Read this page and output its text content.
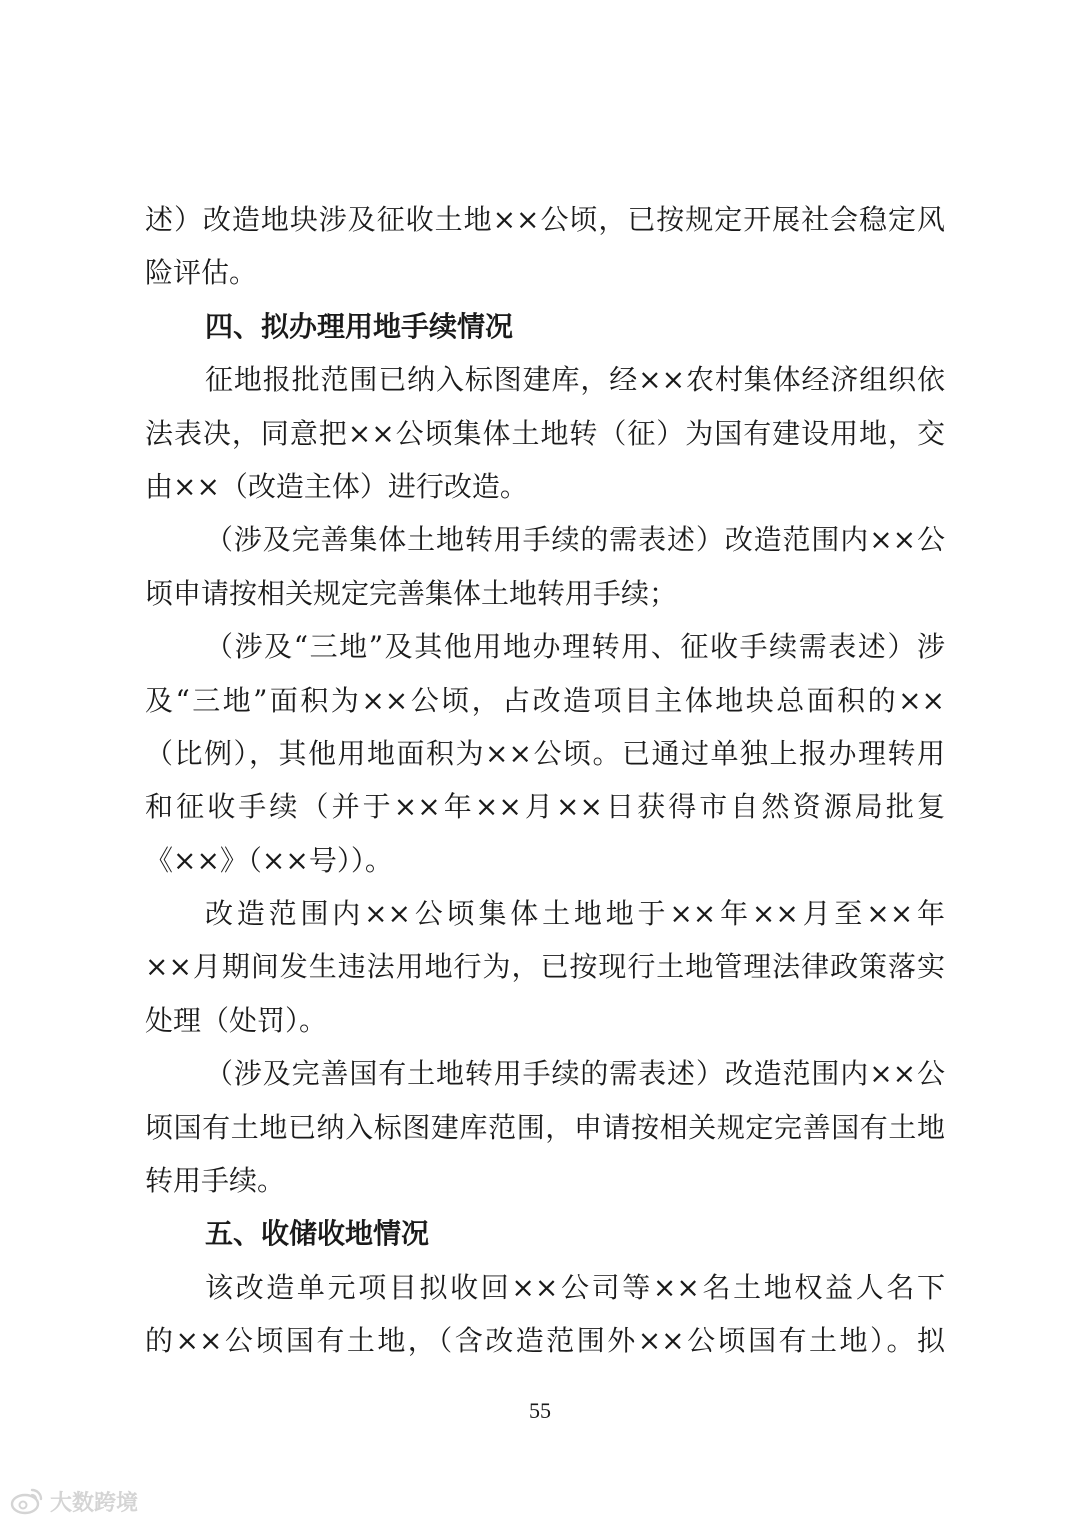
述）改造地块涉及征收土地××公顷，已按规定开展社会稳定风
险评估。
四、拟办理用地手续情况
征地报批范围已纳入标图建库，经××农村集体经济组织依
法表决，同意把××公顷集体土地转（征）为国有建设用地，交
由××（改造主体）进行改造。
（涉及完善集体土地转用手续的需表述）改造范围内××公
顷申请按相关规定完善集体土地转用手续；
（涉及“三地”及其他用地办理转用、征收手续需表述）涉
及“三地”面积为××公顷，占改造项目主体地块总面积的××
（比例），其他用地面积为××公顷。已通过单独上报办理转用
和征收手续（并于××年××月××日获得市自然资源局批复
《××》（××号））。
改造范围内××公顷集体土地地于××年××月至××年
××月期间发生违法用地行为，已按现行土地管理法律政策落实
处理（处罚）。
（涉及完善国有土地转用手续的需表述）改造范围内××公
顷国有土地已纳入标图建库范围，申请按相关规定完善国有土地
转用手续。
五、收储收地情况
该改造单元项目拟收回××公司等××名土地权益人名下
的××公顷国有土地，（含改造范围外××公顷国有土地）。拟
55
大数跨境
